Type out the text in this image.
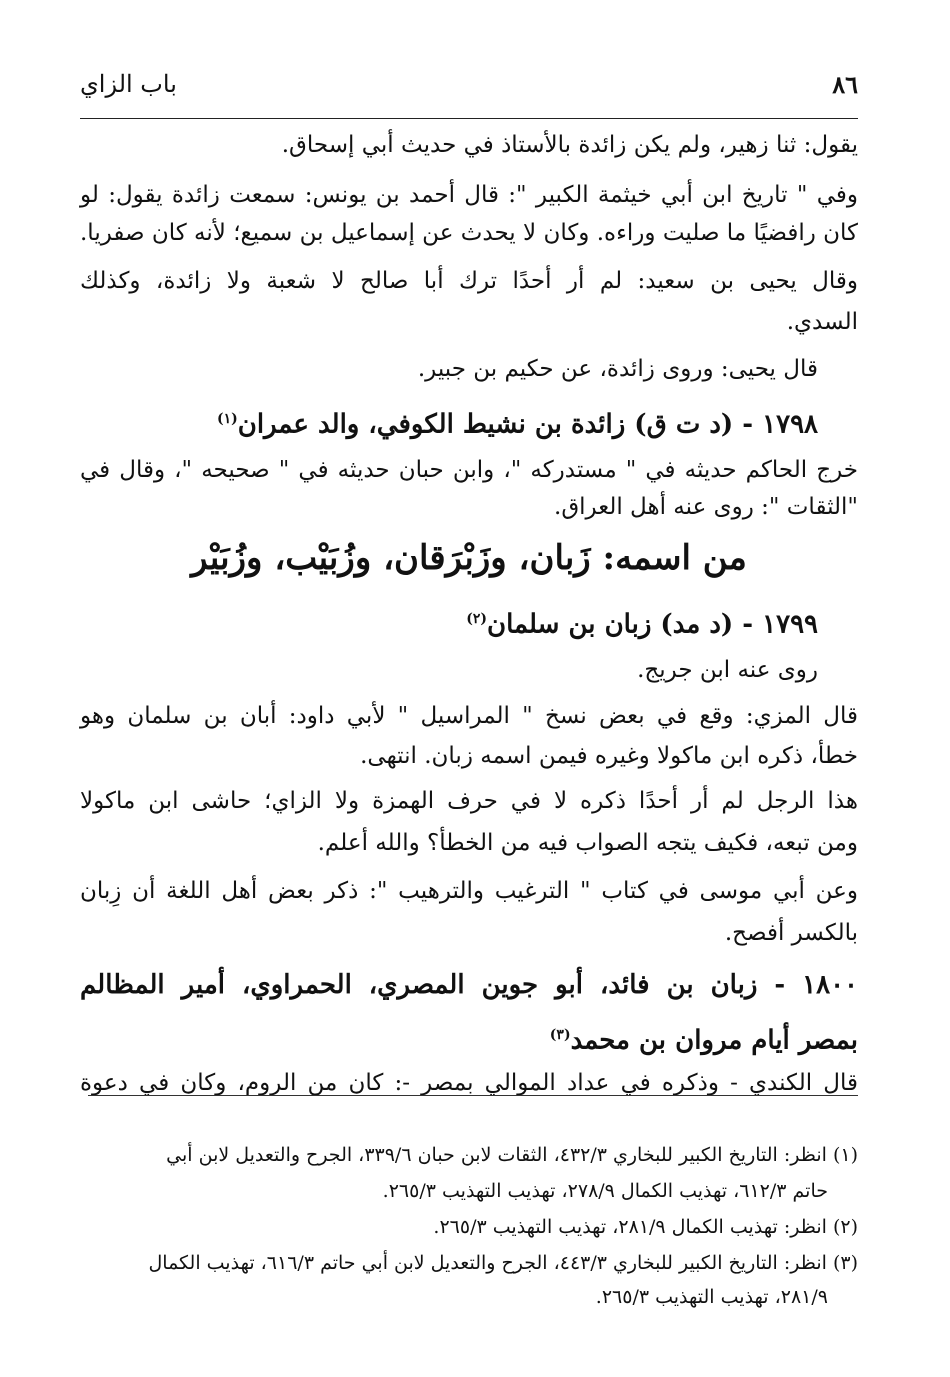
٨٦
باب الزاي
يقول: ثنا زهير، ولم يكن زائدة بالأستاذ في حديث أبي إسحاق.
وفي " تاريخ ابن أبي خيثمة الكبير ": قال أحمد بن يونس: سمعت زائدة يقول: لو
كان رافضيًا ما صليت وراءه. وكان لا يحدث عن إسماعيل بن سميع؛ لأنه كان صفريا.
وقال يحيى بن سعيد: لم أر أحدًا ترك أبا صالح لا شعبة ولا زائدة، وكذلك
السدي.
قال يحيى: وروى زائدة، عن حكيم بن جبير.
١٧٩٨ - (د ت ق) زائدة بن نشيط الكوفي، والد عمران$^{(١)}$
خرج الحاكم حديثه في " مستدركه "، وابن حبان حديثه في " صحيحه "، وقال في
"الثقات ": روى عنه أهل العراق.
من اسمه: زَبان، وزَبْرَقان، وزُبَيْب، وزُبَيْر
١٧٩٩ - (د مد) زبان بن سلمان$^{(٢)}$
روى عنه ابن جريج.
قال المزي: وقع في بعض نسخ " المراسيل " لأبي داود: أبان بن سلمان وهو
خطأ، ذكره ابن ماكولا وغيره فيمن اسمه زبان. انتهى.
هذا الرجل لم أر أحدًا ذكره لا في حرف الهمزة ولا الزاي؛ حاشى ابن ماكولا
ومن تبعه، فكيف يتجه الصواب فيه من الخطأ؟ والله أعلم.
وعن أبي موسى في كتاب " الترغيب والترهيب ": ذكر بعض أهل اللغة أن زِبان
بالكسر أفصح.
١٨٠٠ - زبان بن فائد، أبو جوين المصري، الحمراوي، أمير المظالم
بمصر أيام مروان بن محمد$^{(٣)}$
قال الكندي - وذكره في عداد الموالي بمصر -: كان من الروم، وكان في دعوة
(١) انظر: التاريخ الكبير للبخاري ٤٣٢/٣، الثقات لابن حبان ٣٣٩/٦، الجرح والتعديل لابن أبي
حاتم ٦١٢/٣، تهذيب الكمال ٢٧٨/٩، تهذيب التهذيب ٢٦٥/٣.
(٢) انظر: تهذيب الكمال ٢٨١/٩، تهذيب التهذيب ٢٦٥/٣.
(٣) انظر: التاريخ الكبير للبخاري ٤٤٣/٣، الجرح والتعديل لابن أبي حاتم ٦١٦/٣، تهذيب الكمال
٢٨١/٩، تهذيب التهذيب ٢٦٥/٣.
